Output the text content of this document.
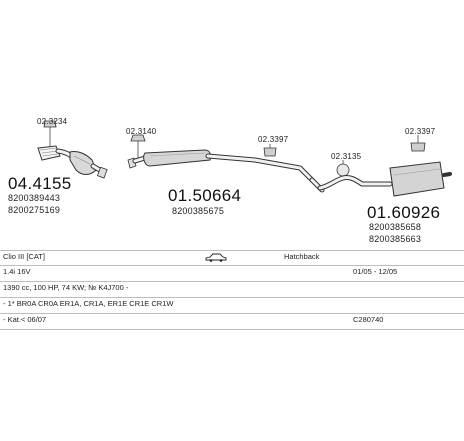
02.3234
02.3140
02.3397
02.3135
02.3397
04.4155
8200389443
8200275169
01.50664
8200385675	01.60926
8200385658
8200385663
Clio III [CAT]	Hatchback
1.4i 16V	01/05 - 12/05
1390 cc, 100 HP, 74 KW; № K4J700 -
- 1* BR0A CR0A ER1A, CR1A, ER1E CR1E CR1W
- Kat.< 06/07	C280740
